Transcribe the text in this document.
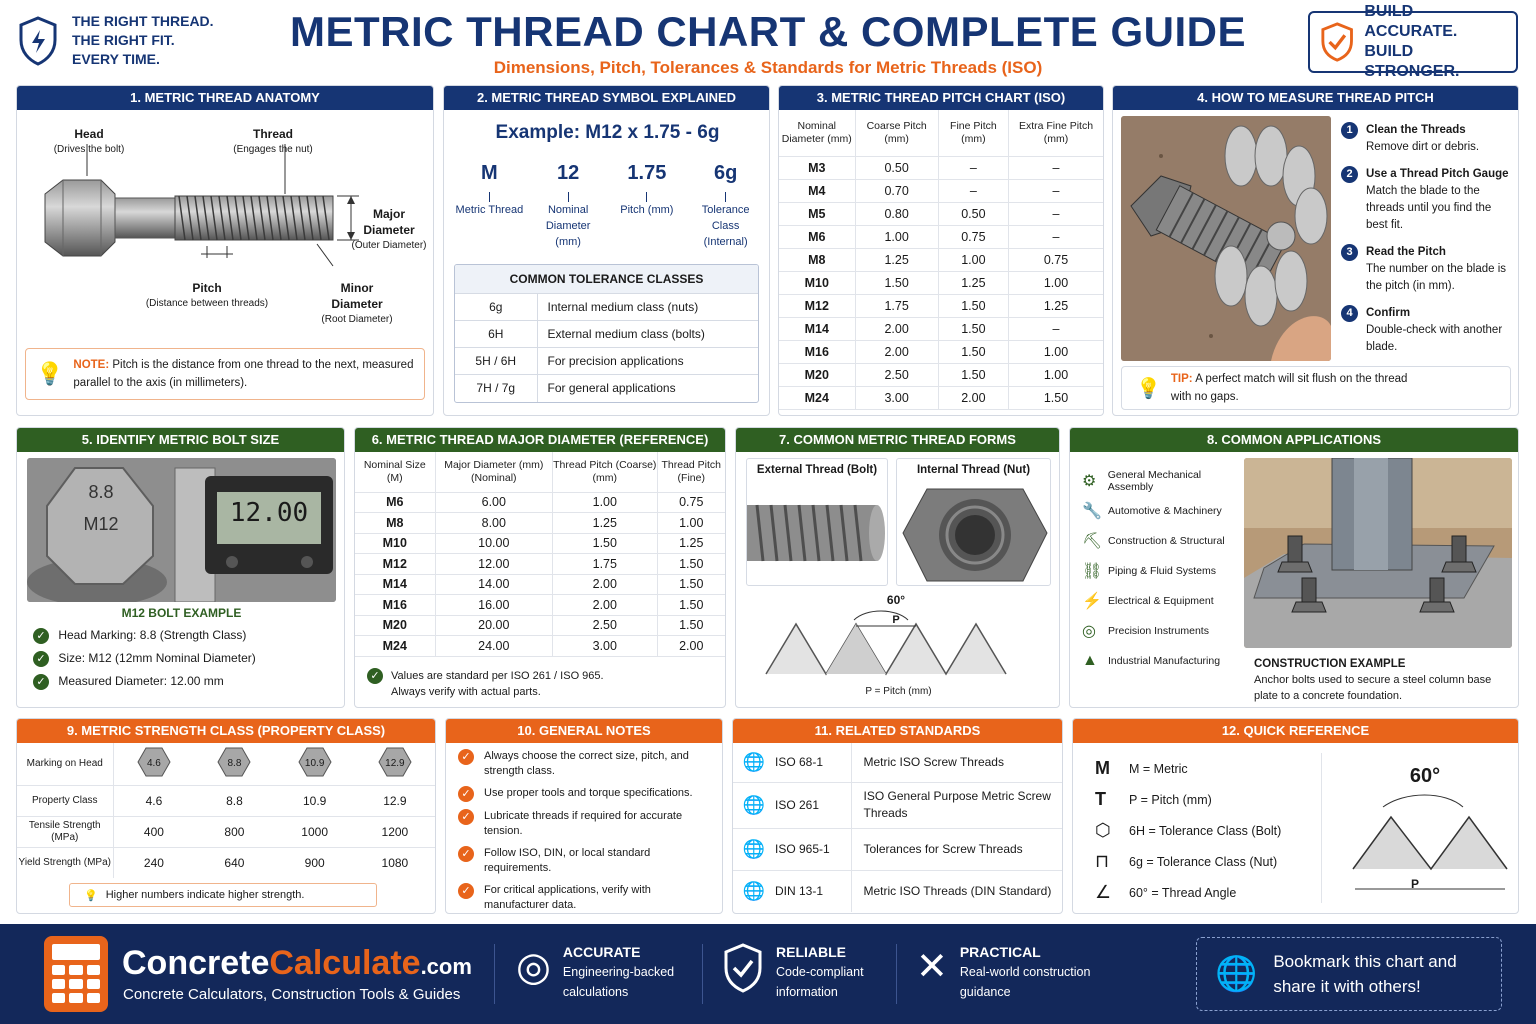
THE RIGHT THREAD.
THE RIGHT FIT.
EVERY TIME.
METRIC THREAD CHART & COMPLETE GUIDE
Dimensions, Pitch, Tolerances & Standards for Metric Threads (ISO)
BUILD ACCURATE.
BUILD STRONGER.
1. METRIC THREAD ANATOMY
Head
(Drives the bolt)
Thread
(Engages the nut)
Major Diameter
(Outer Diameter)
Minor Diameter
(Root Diameter)
Pitch
(Distance between threads)
💡 NOTE: Pitch is the distance from one thread to the next, measured parallel to the axis (in millimeters).
2. METRIC THREAD SYMBOL EXPLAINED
Example: M12 x 1.75 - 6g
M
Metric Thread
12
Nominal Diameter (mm)
1.75
Pitch (mm)
6g
Tolerance Class (Internal)
COMMON TOLERANCE CLASSES
6g	Internal medium class (nuts)
6H	External medium class (bolts)
5H / 6H	For precision applications
7H / 7g	For general applications
3. METRIC THREAD PITCH CHART (ISO)
Nominal Diameter (mm)	Coarse Pitch (mm)	Fine Pitch (mm)	Extra Fine Pitch (mm)
M3	0.50	–	–
M4	0.70	–	–
M5	0.80	0.50	–
M6	1.00	0.75	–
M8	1.25	1.00	0.75
M10	1.50	1.25	1.00
M12	1.75	1.50	1.25
M14	2.00	1.50	–
M16	2.00	1.50	1.00
M20	2.50	1.50	1.00
M24	3.00	2.00	1.50
4. HOW TO MEASURE THREAD PITCH
1	Clean the Threads
Remove dirt or debris.
2	Use a Thread Pitch Gauge
Match the blade to the threads until you find the best fit.
3	Read the Pitch
The number on the blade is the pitch (in mm).
4	Confirm
Double-check with another blade.
💡 TIP: A perfect match will sit flush on the thread with no gaps.
5. IDENTIFY METRIC BOLT SIZE
8.8
M12	12.00
M12 BOLT EXAMPLE
✓ Head Marking: 8.8 (Strength Class)
✓ Size: M12 (12mm Nominal Diameter)
✓ Measured Diameter: 12.00 mm
6. METRIC THREAD MAJOR DIAMETER (REFERENCE)
Nominal Size (M)	Major Diameter (mm) (Nominal)	Thread Pitch (Coarse) (mm)	Thread Pitch (Fine)
M6	6.00	1.00	0.75
M8	8.00	1.25	1.00
M10	10.00	1.50	1.25
M12	12.00	1.75	1.50
M14	14.00	2.00	1.50
M16	16.00	2.00	1.50
M20	20.00	2.50	1.50
M24	24.00	3.00	2.00
✓	Values are standard per ISO 261 / ISO 965. Always verify with actual parts.
7. COMMON METRIC THREAD FORMS
External Thread (Bolt)	Internal Thread (Nut)
60°
P
P = Pitch (mm)
8. COMMON APPLICATIONS
⚙	General Mechanical Assembly
🔧 Automotive & Machinery
⛏ Construction & Structural
⛓ Piping & Fluid Systems
⚡ Electrical & Equipment
◎	Precision Instruments
▲ Industrial Manufacturing	CONSTRUCTION EXAMPLE
Anchor bolts used to secure a steel column base plate to a concrete foundation.
9. METRIC STRENGTH CLASS (PROPERTY CLASS)
Marking on Head	4.6	8.8	10.9	12.9

Property Class	4.6	8.8	10.9	12.9
Tensile Strength (MPa)	400	800	1000	1200
Yield Strength (MPa)	240	640	900	1080
💡 Higher numbers indicate higher strength.
10. GENERAL NOTES
✓	Always choose the correct size, pitch, and strength class.
✓	Use proper tools and torque specifications.
✓	Lubricate threads if required for accurate tension.
✓	Follow ISO, DIN, or local standard requirements.
✓	For critical applications, verify with manufacturer data.
11. RELATED STANDARDS
🌐	ISO 68-1	Metric ISO Screw Threads
🌐	ISO 261	ISO General Purpose Metric Screw Threads
🌐	ISO 965-1	Tolerances for Screw Threads
🌐	DIN 13-1	Metric ISO Threads (DIN Standard)
12. QUICK REFERENCE
M	M = Metric
T	P = Pitch (mm)
⬡	6H = Tolerance Class (Bolt)
⊓	6g = Tolerance Class (Nut)
∠	60° = Thread Angle
60°
P
ConcreteCalculate.com
Concrete Calculators, Construction Tools & Guides
◎ ACCURATE
Engineering-backed calculations
RELIABLE
Code-compliant information
✕ PRACTICAL
Real-world construction guidance	🌐 Bookmark this chart and share it with others!
